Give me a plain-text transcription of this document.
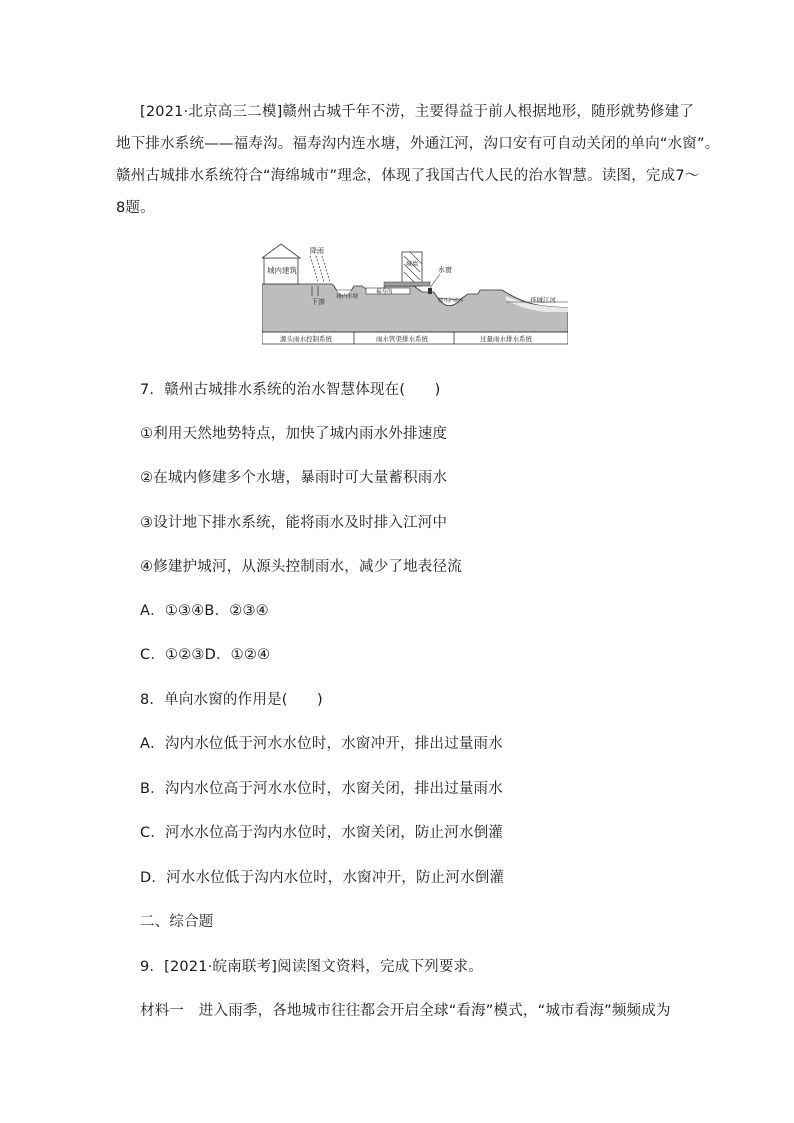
[2021·北京高三二模]赣州古城千年不涝，主要得益于前人根据地形，随形就势修建了
地下排水系统——福寿沟。福寿沟内连水塘，外通江河，沟口安有可自动关闭的单向“水窗”。
赣州古城排水系统符合“海绵城市”理念，体现了我国古代人民的治水智慧。读图，完成7～
8题。
城内建筑
降雨
下渗
城内水塘
福寿沟
城墙
水窗
城外护城河	环城江河
源头雨水控制系统	雨水管渠排水系统	过量雨水排水系统
7．赣州古城排水系统的治水智慧体现在(　　)
①利用天然地势特点，加快了城内雨水外排速度
②在城内修建多个水塘，暴雨时可大量蓄积雨水
③设计地下排水系统，能将雨水及时排入江河中
④修建护城河，从源头控制雨水，减少了地表径流
A．①③④B．②③④
C．①②③D．①②④
8．单向水窗的作用是(　　)
A．沟内水位低于河水水位时，水窗冲开，排出过量雨水
B．沟内水位高于河水水位时，水窗关闭，排出过量雨水
C．河水水位高于沟内水位时，水窗关闭，防止河水倒灌
D．河水水位低于沟内水位时，水窗冲开，防止河水倒灌
二、综合题
9．[2021·皖南联考]阅读图文资料，完成下列要求。
材料一　进入雨季，各地城市往往都会开启全球“看海”模式，“城市看海”频频成为
